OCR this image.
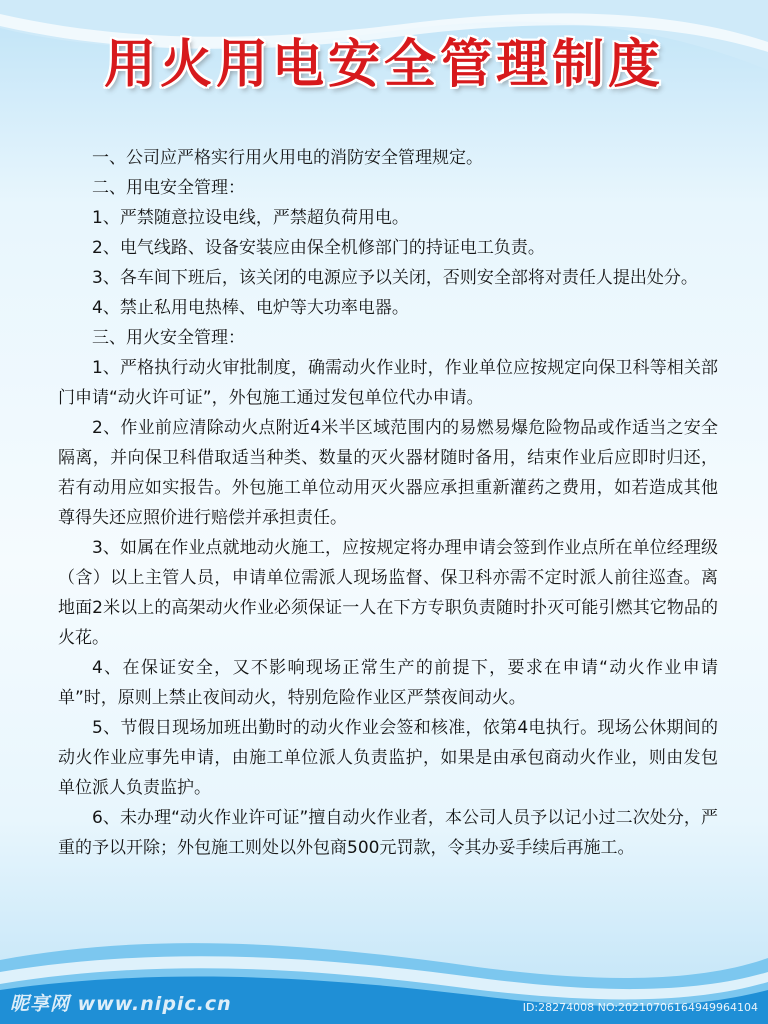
用火用电安全管理制度

一、公司应严格实行用火用电的消防安全管理规定。

二、用电安全管理：

1、严禁随意拉设电线，严禁超负荷用电。

2、电气线路、设备安装应由保全机修部门的持证电工负责。

3、各车间下班后，该关闭的电源应予以关闭，否则安全部将对责任人提出处分。

4、禁止私用电热棒、电炉等大功率电器。

三、用火安全管理：

1、严格执行动火审批制度，确需动火作业时，作业单位应按规定向保卫科等相关部门申请“动火许可证”，外包施工通过发包单位代办申请。

2、作业前应清除动火点附近4米半区域范围内的易燃易爆危险物品或作适当之安全隔离，并向保卫科借取适当种类、数量的灭火器材随时备用，结束作业后应即时归还，若有动用应如实报告。外包施工单位动用灭火器应承担重新灌药之费用，如若造成其他尊得失还应照价进行赔偿并承担责任。

3、如属在作业点就地动火施工，应按规定将办理申请会签到作业点所在单位经理级（含）以上主管人员，申请单位需派人现场监督、保卫科亦需不定时派人前往巡查。离地面2米以上的高架动火作业必须保证一人在下方专职负责随时扑灭可能引燃其它物品的火花。

4、在保证安全，又不影响现场正常生产的前提下，要求在申请“动火作业申请单”时，原则上禁止夜间动火，特别危险作业区严禁夜间动火。

5、节假日现场加班出勤时的动火作业会签和核准，依第4电执行。现场公休期间的动火作业应事先申请，由施工单位派人负责监护，如果是由承包商动火作业，则由发包单位派人负责监护。

6、未办理“动火作业许可证”擅自动火作业者，本公司人员予以记小过二次处分，严重的予以开除；外包施工则处以外包商500元罚款，令其办妥手续后再施工。

昵享网 www.nipic.cn	ID:28274008 NO:20210706164949964104
